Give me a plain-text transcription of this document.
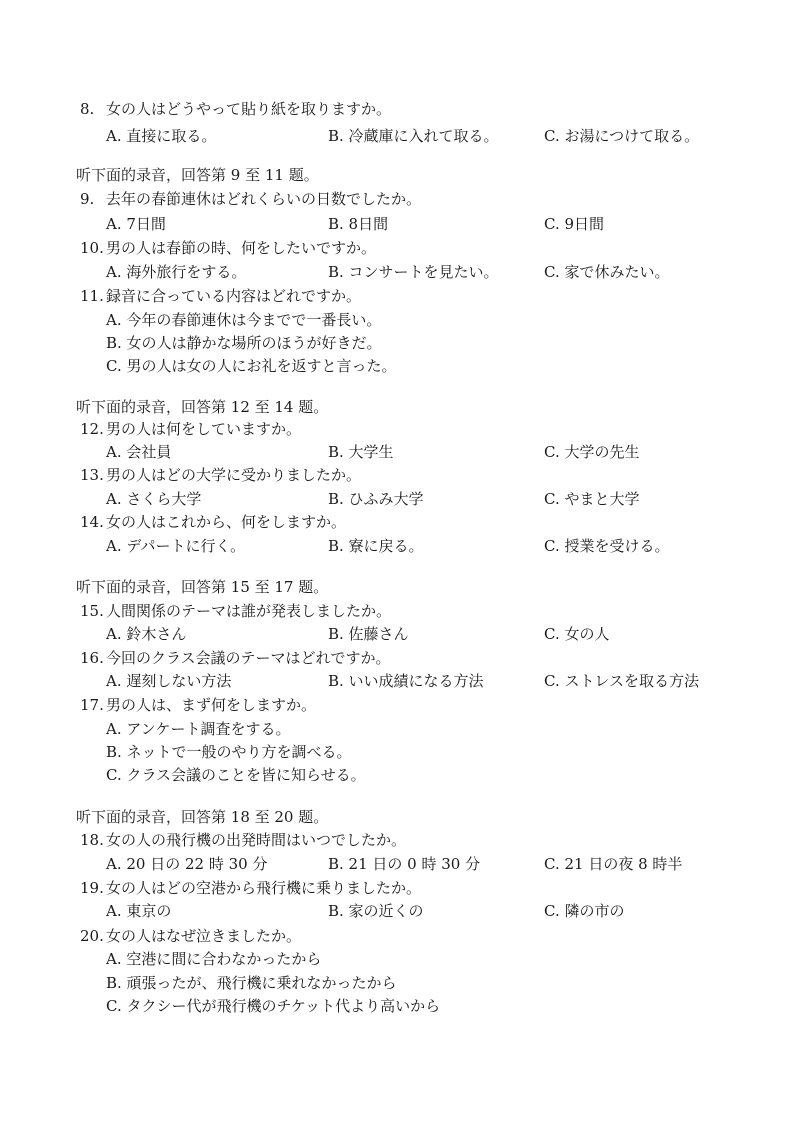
8. 女の人はどうやって貼り紙を取りますか。
A. 直接に取る。	B. 冷蔵庫に入れて取る。	C. お湯につけて取る。
听下面的录音，回答第 9 至 11 题。
9. 去年の春節連休はどれくらいの日数でしたか。
A. 7日間	B. 8日間	C. 9日間
10. 男の人は春節の時、何をしたいですか。
A. 海外旅行をする。	B. コンサートを見たい。	C. 家で休みたい。
11. 録音に合っている内容はどれですか。
A. 今年の春節連休は今までで一番長い。
B. 女の人は静かな場所のほうが好きだ。
C. 男の人は女の人にお礼を返すと言った。
听下面的录音，回答第 12 至 14 题。
12. 男の人は何をしていますか。
A. 会社員	B. 大学生	C. 大学の先生
13. 男の人はどの大学に受かりましたか。
A. さくら大学	B. ひふみ大学	C. やまと大学
14. 女の人はこれから、何をしますか。
A. デパートに行く。	B. 寮に戻る。	C. 授業を受ける。
听下面的录音，回答第 15 至 17 题。
15. 人間関係のテーマは誰が発表しましたか。
A. 鈴木さん	B. 佐藤さん	C. 女の人
16. 今回のクラス会議のテーマはどれですか。
A. 遅刻しない方法	B. いい成績になる方法	C. ストレスを取る方法
17. 男の人は、まず何をしますか。
A. アンケート調査をする。
B. ネットで一般のやり方を調べる。
C. クラス会議のことを皆に知らせる。
听下面的录音，回答第 18 至 20 题。
18. 女の人の飛行機の出発時間はいつでしたか。
A. 20 日の 22 時 30 分	B. 21 日の 0 時 30 分	C. 21 日の夜 8 時半
19. 女の人はどの空港から飛行機に乗りましたか。
A. 東京の	B. 家の近くの	C. 隣の市の
20. 女の人はなぜ泣きましたか。
A. 空港に間に合わなかったから
B. 頑張ったが、飛行機に乗れなかったから
C. タクシー代が飛行機のチケット代より高いから
